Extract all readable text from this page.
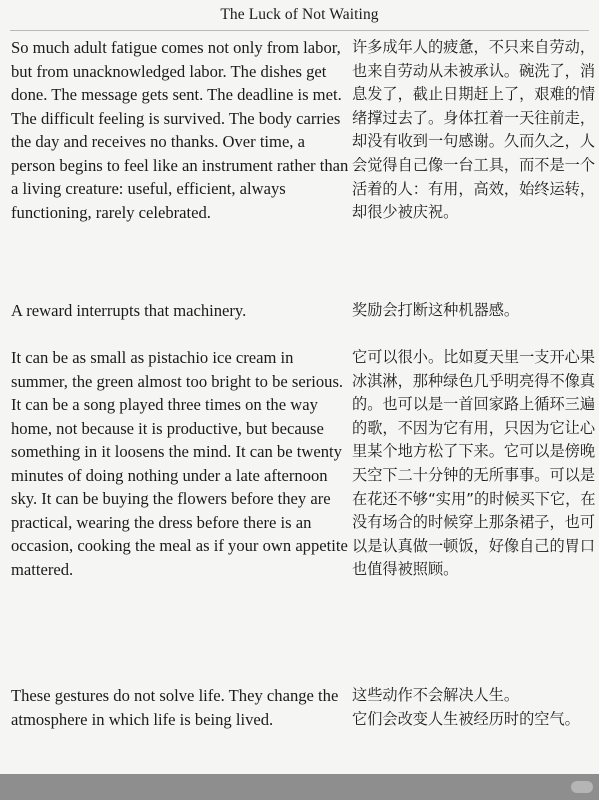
The Luck of Not Waiting

So much adult fatigue comes not only from labor, but from unacknowledged labor. The dishes get done. The message gets sent. The deadline is met. The difficult feeling is survived. The body carries the day and receives no thanks. Over time, a person begins to feel like an instrument rather than a living creature: useful, efficient, always functioning, rarely celebrated.

许多成年人的疲惫，不只来自劳动，也来自劳动从未被承认。碗洗了，消息发了，截止日期赶上了，艰难的情绪撑过去了。身体扛着一天往前走，却没有收到一句感谢。久而久之，人会觉得自己像一台工具，而不是一个活着的人：有用，高效，始终运转，却很少被庆祝。

A reward interrupts that machinery.	奖励会打断这种机器感。

It can be as small as pistachio ice cream in summer, the green almost too bright to be serious. It can be a song played three times on the way home, not because it is productive, but because something in it loosens the mind. It can be twenty minutes of doing nothing under a late afternoon sky. It can be buying the flowers before they are practical, wearing the dress before there is an occasion, cooking the meal as if your own appetite mattered.

它可以很小。比如夏天里一支开心果冰淇淋，那种绿色几乎明亮得不像真的。也可以是一首回家路上循环三遍的歌，不因为它有用，只因为它让心里某个地方松了下来。它可以是傍晚天空下二十分钟的无所事事。可以是在花还不够“实用”的时候买下它，在没有场合的时候穿上那条裙子，也可以是认真做一顿饭，好像自己的胃口也值得被照顾。

These gestures do not solve life. They change the atmosphere in which life is being lived.

这些动作不会解决人生。
它们会改变人生被经历时的空气。
